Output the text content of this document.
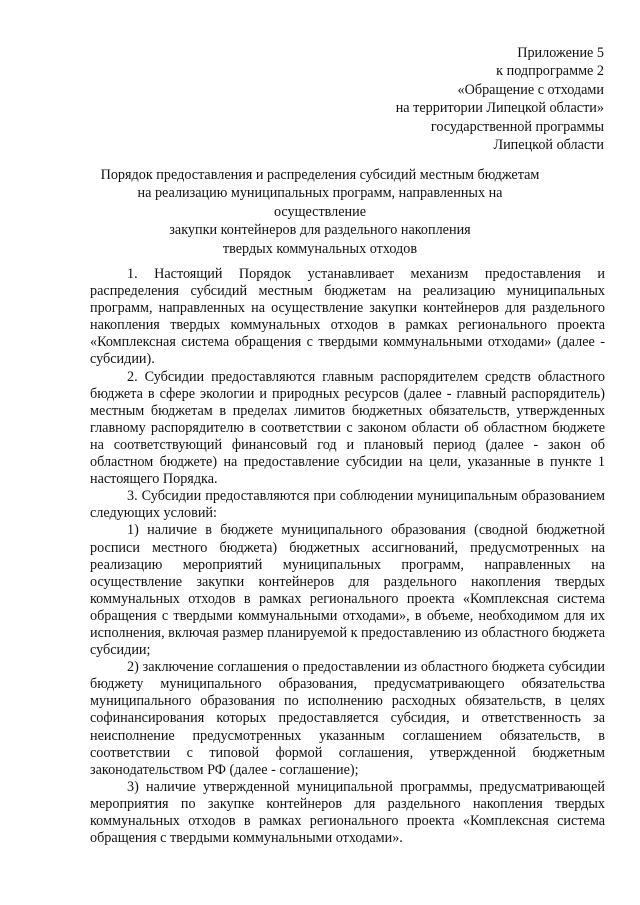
Приложение 5
к подпрограмме 2
«Обращение с отходами
на территории Липецкой области»
государственной программы
Липецкой области
Порядок предоставления и распределения субсидий местным бюджетам
на реализацию муниципальных программ, направленных на осуществление
закупки контейнеров для раздельного накопления
твердых коммунальных отходов

1. Настоящий Порядок устанавливает механизм предоставления и распределения субсидий местным бюджетам на реализацию муниципальных программ, направленных на осуществление закупки контейнеров для раздельного накопления твердых коммунальных отходов в рамках регионального проекта «Комплексная система обращения с твердыми коммунальными отходами» (далее - субсидии).

2. Субсидии предоставляются главным распорядителем средств областного бюджета в сфере экологии и природных ресурсов (далее - главный распорядитель) местным бюджетам в пределах лимитов бюджетных обязательств, утвержденных главному распорядителю в соответствии с законом области об областном бюджете на соответствующий финансовый год и плановый период (далее - закон об областном бюджете) на предоставление субсидии на цели, указанные в пункте 1 настоящего Порядка.

3. Субсидии предоставляются при соблюдении муниципальным образованием следующих условий:

1) наличие в бюджете муниципального образования (сводной бюджетной росписи местного бюджета) бюджетных ассигнований, предусмотренных на реализацию мероприятий муниципальных программ, направленных на осуществление закупки контейнеров для раздельного накопления твердых коммунальных отходов в рамках регионального проекта «Комплексная система обращения с твердыми коммунальными отходами», в объеме, необходимом для их исполнения, включая размер планируемой к предоставлению из областного бюджета субсидии;

2) заключение соглашения о предоставлении из областного бюджета субсидии бюджету муниципального образования, предусматривающего обязательства муниципального образования по исполнению расходных обязательств, в целях софинансирования которых предоставляется субсидия, и ответственность за неисполнение предусмотренных указанным соглашением обязательств, в соответствии с типовой формой соглашения, утвержденной бюджетным законодательством РФ (далее - соглашение);

3) наличие утвержденной муниципальной программы, предусматривающей мероприятия по закупке контейнеров для раздельного накопления твердых коммунальных отходов в рамках регионального проекта «Комплексная система обращения с твердыми коммунальными отходами».
